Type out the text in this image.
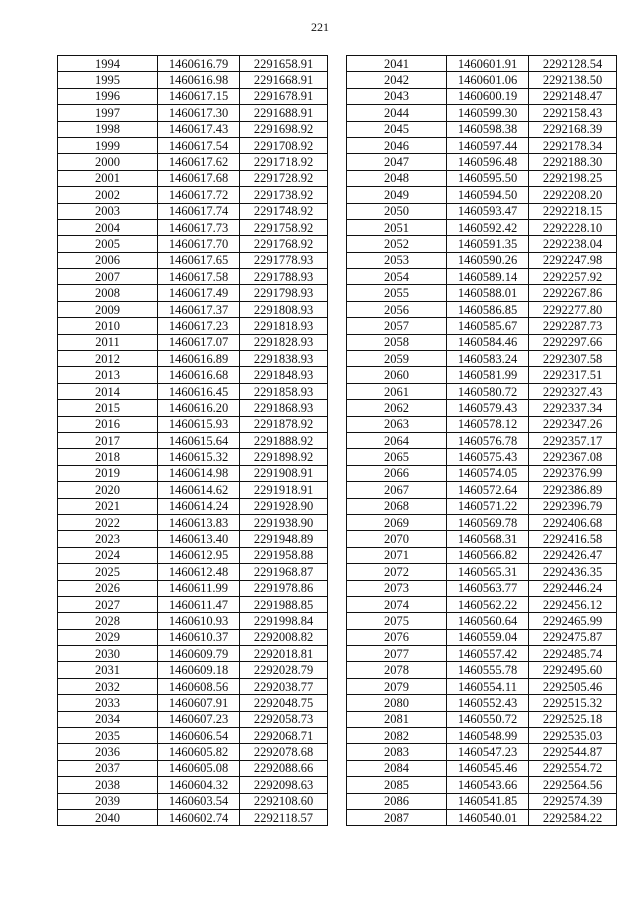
221
1994	1460616.79	2291658.91
1995	1460616.98	2291668.91
1996	1460617.15	2291678.91
1997	1460617.30	2291688.91
1998	1460617.43	2291698.92
1999	1460617.54	2291708.92
2000	1460617.62	2291718.92
2001	1460617.68	2291728.92
2002	1460617.72	2291738.92
2003	1460617.74	2291748.92
2004	1460617.73	2291758.92
2005	1460617.70	2291768.92
2006	1460617.65	2291778.93
2007	1460617.58	2291788.93
2008	1460617.49	2291798.93
2009	1460617.37	2291808.93
2010	1460617.23	2291818.93
2011	1460617.07	2291828.93
2012	1460616.89	2291838.93
2013	1460616.68	2291848.93
2014	1460616.45	2291858.93
2015	1460616.20	2291868.93
2016	1460615.93	2291878.92
2017	1460615.64	2291888.92
2018	1460615.32	2291898.92
2019	1460614.98	2291908.91
2020	1460614.62	2291918.91
2021	1460614.24	2291928.90
2022	1460613.83	2291938.90
2023	1460613.40	2291948.89
2024	1460612.95	2291958.88
2025	1460612.48	2291968.87
2026	1460611.99	2291978.86
2027	1460611.47	2291988.85
2028	1460610.93	2291998.84
2029	1460610.37	2292008.82
2030	1460609.79	2292018.81
2031	1460609.18	2292028.79
2032	1460608.56	2292038.77
2033	1460607.91	2292048.75
2034	1460607.23	2292058.73
2035	1460606.54	2292068.71
2036	1460605.82	2292078.68
2037	1460605.08	2292088.66
2038	1460604.32	2292098.63
2039	1460603.54	2292108.60
2040	1460602.74	2292118.57
2041	1460601.91	2292128.54
2042	1460601.06	2292138.50
2043	1460600.19	2292148.47
2044	1460599.30	2292158.43
2045	1460598.38	2292168.39
2046	1460597.44	2292178.34
2047	1460596.48	2292188.30
2048	1460595.50	2292198.25
2049	1460594.50	2292208.20
2050	1460593.47	2292218.15
2051	1460592.42	2292228.10
2052	1460591.35	2292238.04
2053	1460590.26	2292247.98
2054	1460589.14	2292257.92
2055	1460588.01	2292267.86
2056	1460586.85	2292277.80
2057	1460585.67	2292287.73
2058	1460584.46	2292297.66
2059	1460583.24	2292307.58
2060	1460581.99	2292317.51
2061	1460580.72	2292327.43
2062	1460579.43	2292337.34
2063	1460578.12	2292347.26
2064	1460576.78	2292357.17
2065	1460575.43	2292367.08
2066	1460574.05	2292376.99
2067	1460572.64	2292386.89
2068	1460571.22	2292396.79
2069	1460569.78	2292406.68
2070	1460568.31	2292416.58
2071	1460566.82	2292426.47
2072	1460565.31	2292436.35
2073	1460563.77	2292446.24
2074	1460562.22	2292456.12
2075	1460560.64	2292465.99
2076	1460559.04	2292475.87
2077	1460557.42	2292485.74
2078	1460555.78	2292495.60
2079	1460554.11	2292505.46
2080	1460552.43	2292515.32
2081	1460550.72	2292525.18
2082	1460548.99	2292535.03
2083	1460547.23	2292544.87
2084	1460545.46	2292554.72
2085	1460543.66	2292564.56
2086	1460541.85	2292574.39
2087	1460540.01	2292584.22
